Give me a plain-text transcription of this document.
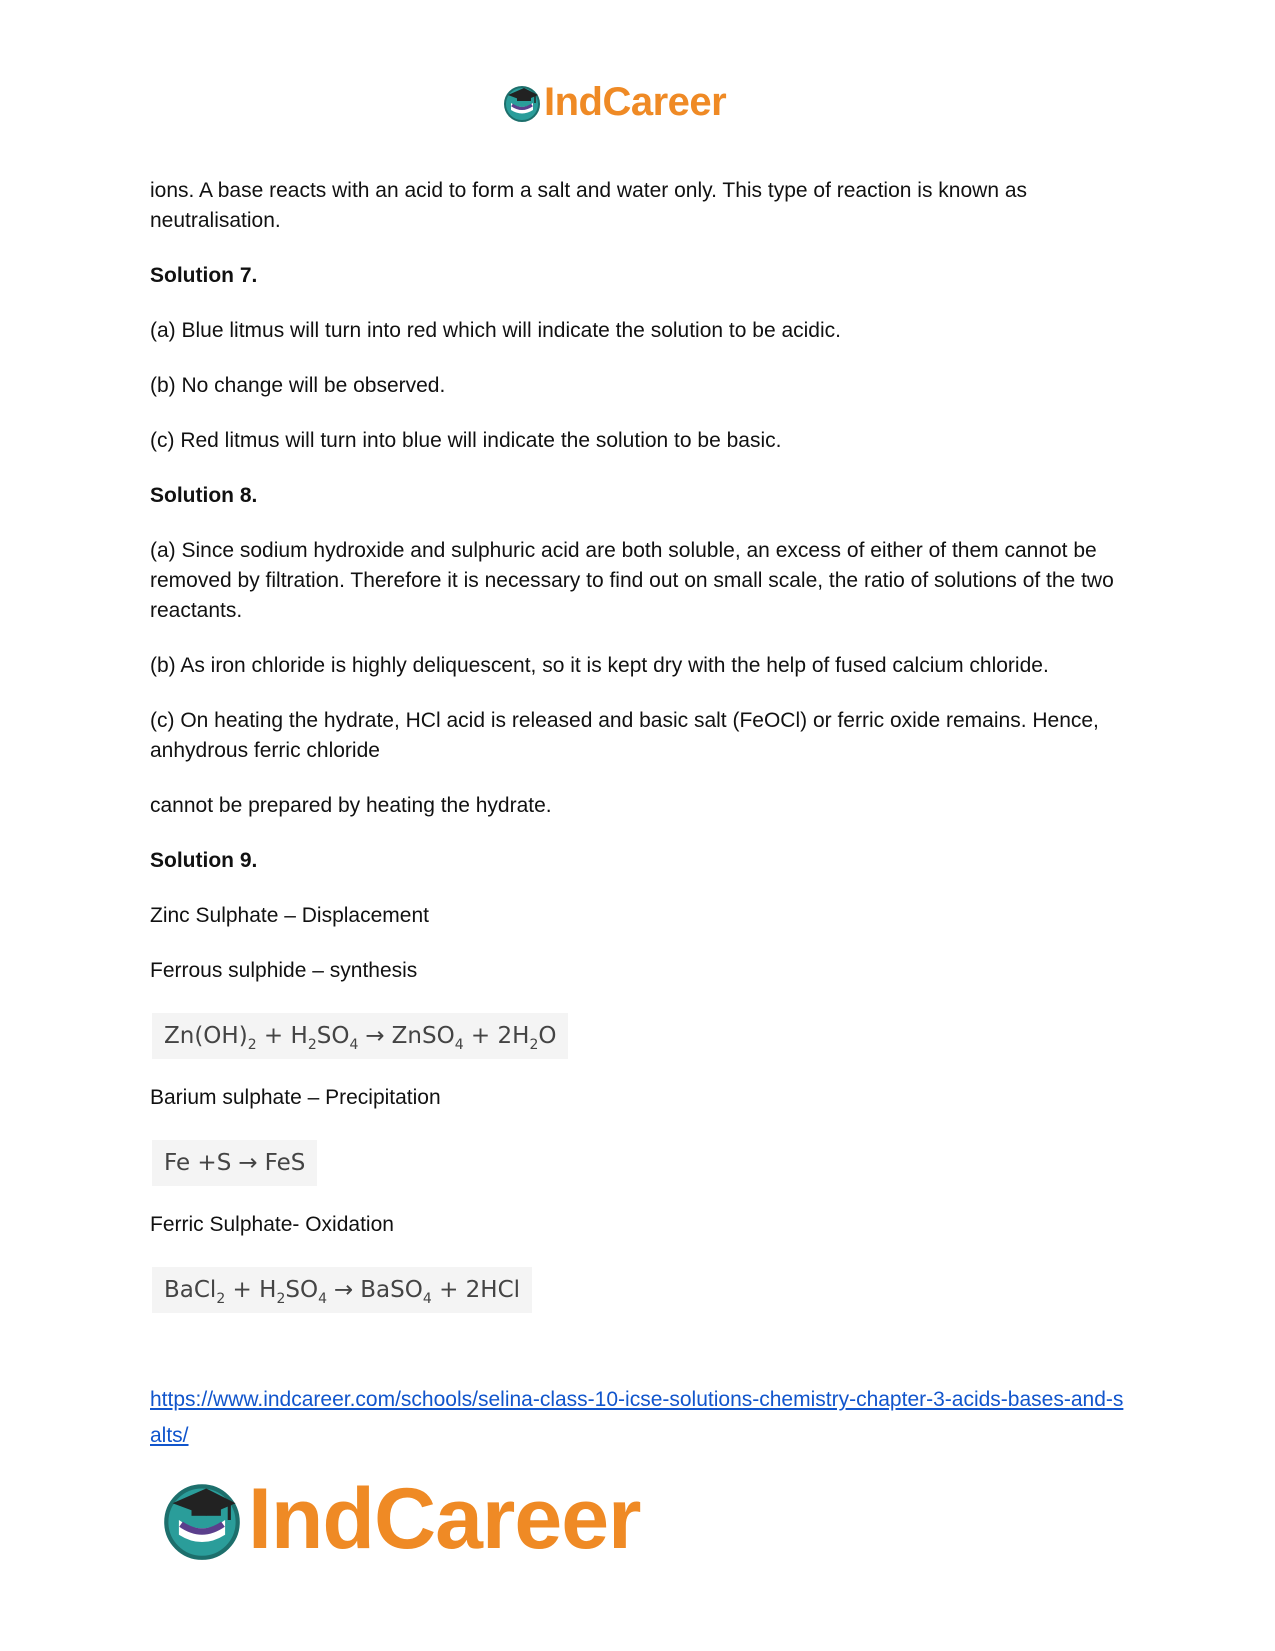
IndCareer

ions. A base reacts with an acid to form a salt and water only. This type of reaction is known as neutralisation.

Solution 7.

(a) Blue litmus will turn into red which will indicate the solution to be acidic.

(b) No change will be observed.

(c) Red litmus will turn into blue will indicate the solution to be basic.

Solution 8.

(a) Since sodium hydroxide and sulphuric acid are both soluble, an excess of either of them cannot be removed by filtration. Therefore it is necessary to find out on small scale, the ratio of solutions of the two reactants.

(b) As iron chloride is highly deliquescent, so it is kept dry with the help of fused calcium chloride.

(c) On heating the hydrate, HCl acid is released and basic salt (FeOCl) or ferric oxide remains. Hence, anhydrous ferric chloride

cannot be prepared by heating the hydrate.

Solution 9.

Zinc Sulphate – Displacement

Ferrous sulphide – synthesis

$Zn(OH)_2 + H_2SO_4$ → ZnSO$_4$ + $2H_2O$

Barium sulphate – Precipitation

Fe +S → FeS

Ferric Sulphate- Oxidation

BaCl$_2$ + $H_2SO_4$ → BaSO$_4$ + 2HCl
https://www.indcareer.com/schools/selina-class-10-icse-solutions-chemistry-chapter-3-acids-bases-and-salts/
IndCareer
